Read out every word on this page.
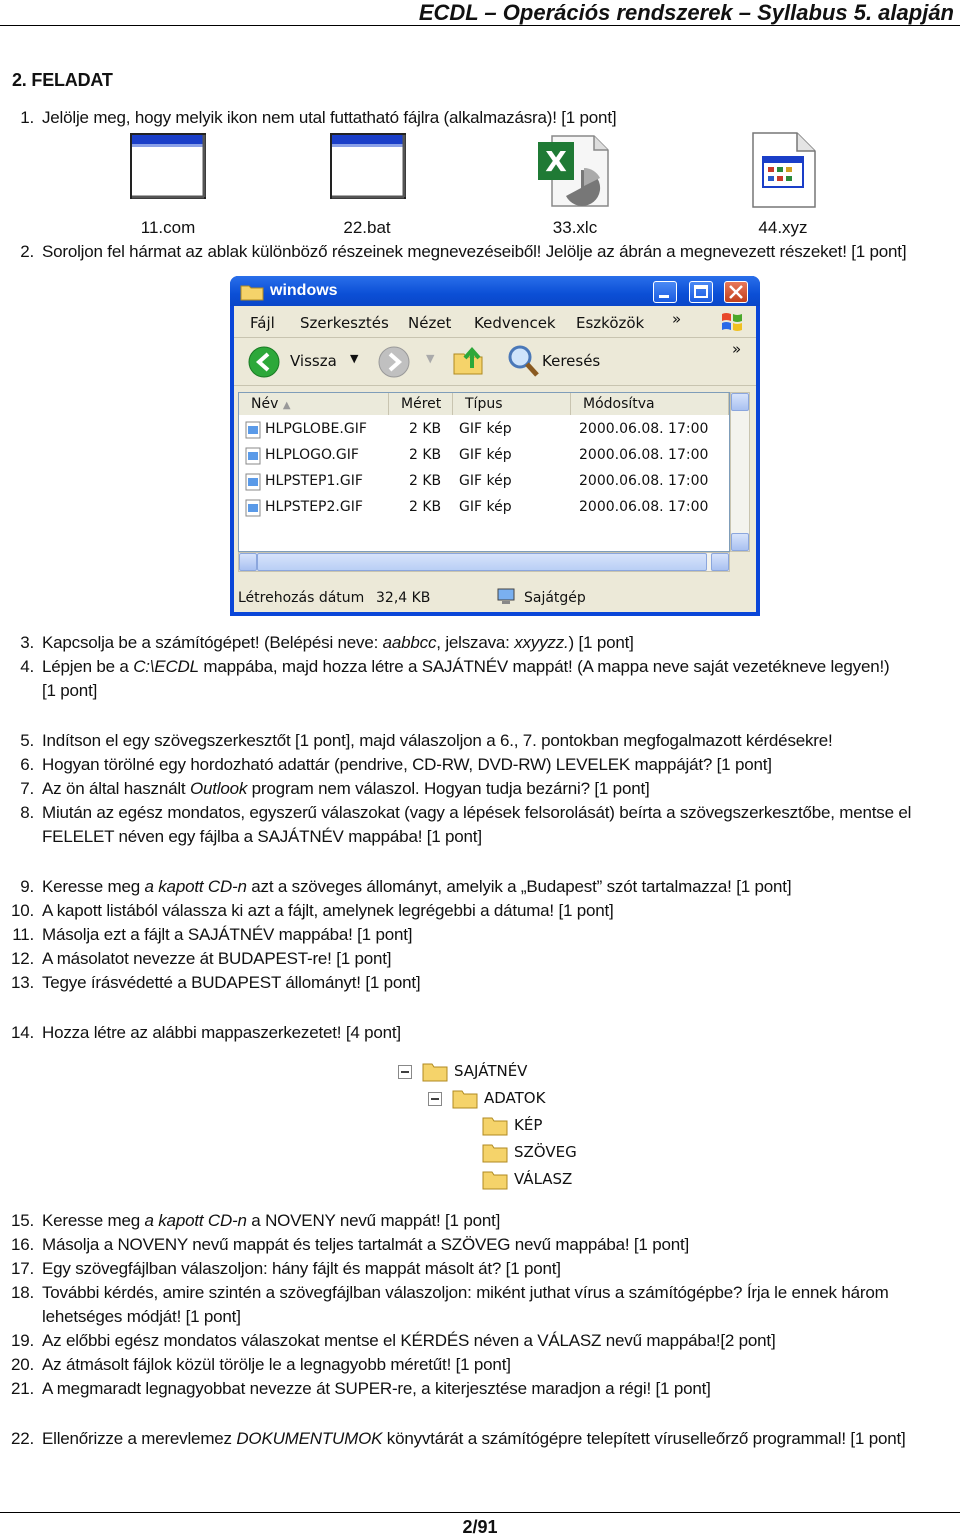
ECDL – Operációs rendszerek – Syllabus 5. alapján
2. FELADAT
1. Jelölje meg, hogy melyik ikon nem utal futtatható fájlra (alkalmazásra)! [1 pont]
11.com	22.bat
X
33.xlc	44.xyz
2. Soroljon fel hármat az ablak különböző részeinek megnevezéseiből! Jelölje az ábrán a megnevezett részeket! [1 pont]
windows
Fájl Szerkesztés Nézet Kedvencek Eszközök »
Vissza ▼	▼	Keresés
»
Név ▲	Méret	Típus	Módosítva
HLPGLOBE.GIF	2 KB GIF kép	2000.06.08. 17:00
HLPLOGO.GIF	2 KB GIF kép	2000.06.08. 17:00
HLPSTEP1.GIF	2 KB GIF kép	2000.06.08. 17:00
HLPSTEP2.GIF	2 KB GIF kép	2000.06.08. 17:00
Létrehozás dátum 32,4 KB	Sajátgép
3. Kapcsolja be a számítógépet! (Belépési neve: aabbcc, jelszava: xxyyzz.) [1 pont]
4. Lépjen be a C:\ECDL mappába, majd hozza létre a SAJÁTNÉV mappát! (A mappa neve saját vezetékneve legyen!)
[1 pont]
5. Indítson el egy szövegszerkesztőt [1 pont], majd válaszoljon a 6., 7. pontokban megfogalmazott kérdésekre!
6. Hogyan törölné egy hordozható adattár (pendrive, CD-RW, DVD-RW) LEVELEK mappáját? [1 pont]
7. Az ön által használt Outlook program nem válaszol. Hogyan tudja bezárni? [1 pont]
8. Miután az egész mondatos, egyszerű válaszokat (vagy a lépések felsorolását) beírta a szövegszerkesztőbe, mentse el
FELELET néven egy fájlba a SAJÁTNÉV mappába! [1 pont]
9. Keresse meg a kapott CD-n azt a szöveges állományt, amelyik a „Budapest” szót tartalmazza! [1 pont]
10. A kapott listából válassza ki azt a fájlt, amelynek legrégebbi a dátuma! [1 pont]
11. Másolja ezt a fájlt a SAJÁTNÉV mappába! [1 pont]
12. A másolatot nevezze át BUDAPEST-re! [1 pont]
13. Tegye írásvédetté a BUDAPEST állományt! [1 pont]
14. Hozza létre az alábbi mappaszerkezetet! [4 pont]
SAJÁTNÉV
ADATOK
KÉP
SZÖVEG
VÁLASZ
15. Keresse meg a kapott CD-n a NOVENY nevű mappát! [1 pont]
16. Másolja a NOVENY nevű mappát és teljes tartalmát a SZÖVEG nevű mappába! [1 pont]
17. Egy szövegfájlban válaszoljon: hány fájlt és mappát másolt át? [1 pont]
18. További kérdés, amire szintén a szövegfájlban válaszoljon: miként juthat vírus a számítógépbe? Írja le ennek három
lehetséges módját! [1 pont]
19. Az előbbi egész mondatos válaszokat mentse el KÉRDÉS néven a VÁLASZ nevű mappába![2 pont]
20. Az átmásolt fájlok közül törölje le a legnagyobb méretűt! [1 pont]
21. A megmaradt legnagyobbat nevezze át SUPER-re, a kiterjesztése maradjon a régi! [1 pont]
22. Ellenőrizze a merevlemez DOKUMENTUMOK könyvtárát a számítógépre telepített víruselleőrző programmal! [1 pont]
2/91
